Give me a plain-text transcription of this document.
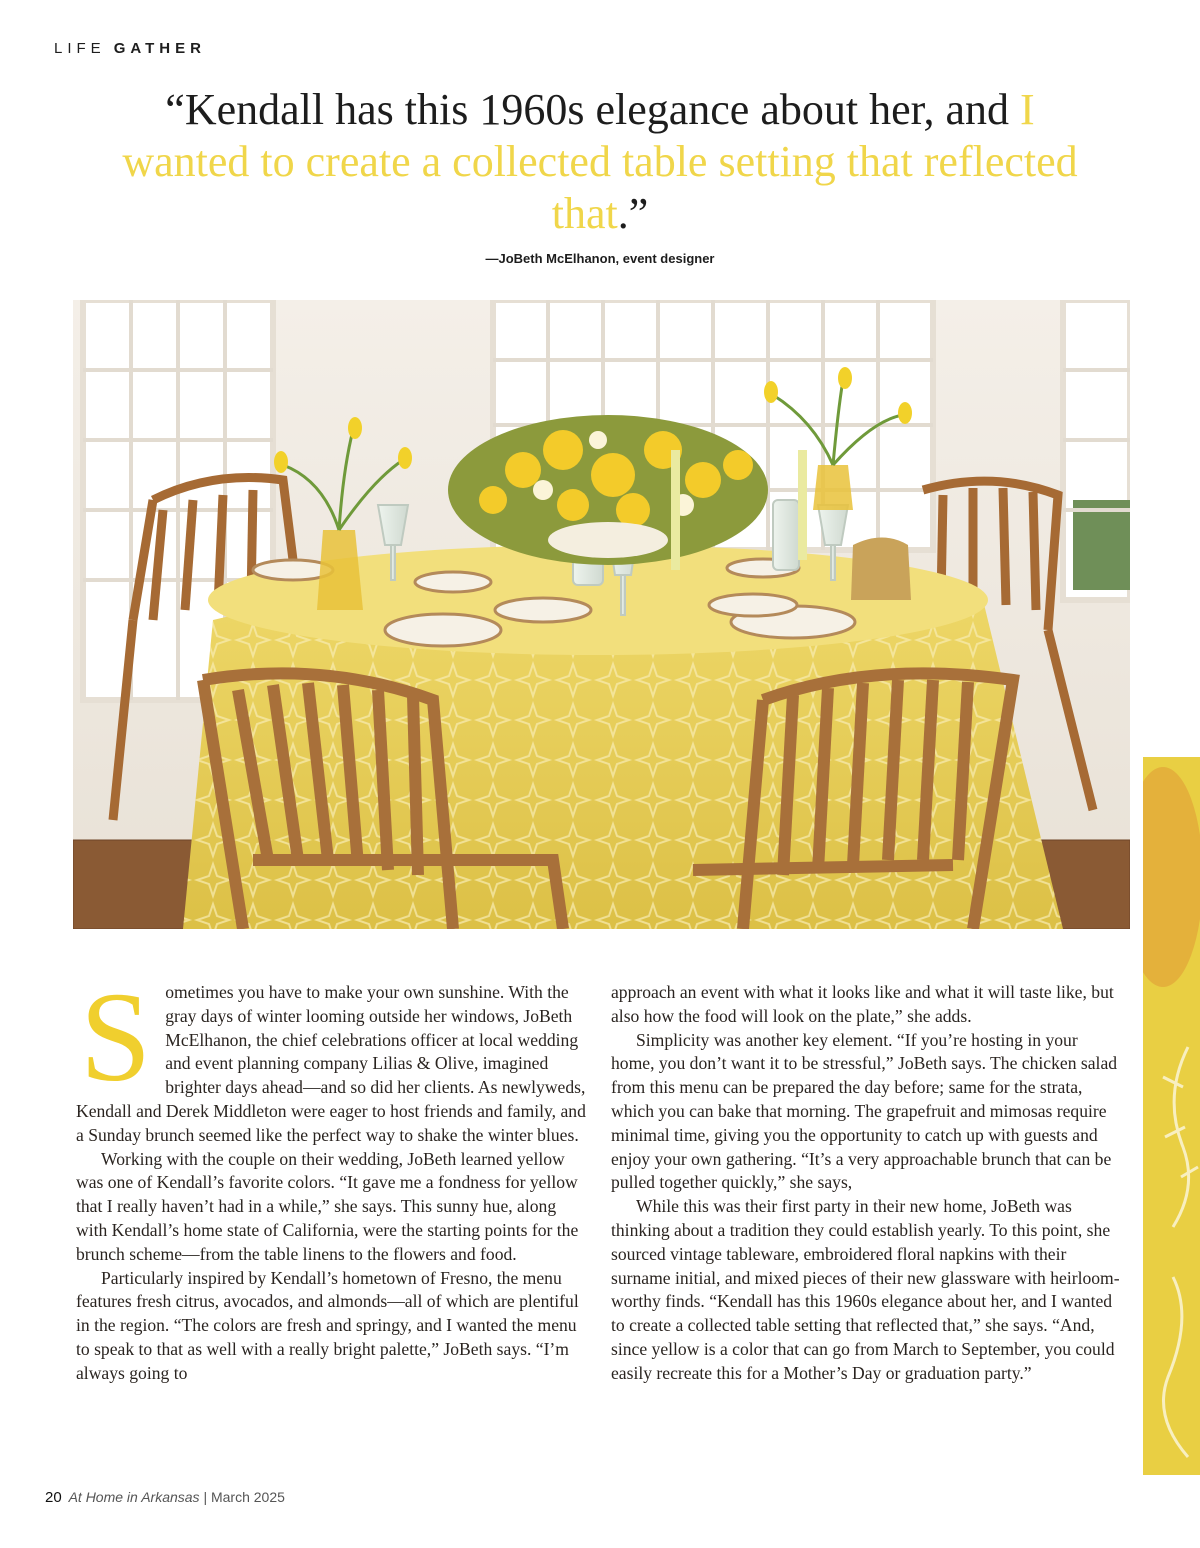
LIFE GATHER
“Kendall has this 1960s elegance about her, and I wanted to create a collected table setting that reflected that.”
—JoBeth McElhanon, event designer

Sometimes you have to make your own sunshine. With the gray days of winter looming outside her windows, JoBeth McElhanon, the chief celebrations officer at local wedding and event planning company Lilias & Olive, imagined brighter days ahead—and so did her clients. As newlyweds, Kendall and Derek Middleton were eager to host friends and family, and a Sunday brunch seemed like the perfect way to shake the winter blues.

Working with the couple on their wedding, JoBeth learned yellow was one of Kendall’s favorite colors. “It gave me a fondness for yellow that I really haven’t had in a while,” she says. This sunny hue, along with Kendall’s home state of California, were the starting points for the brunch scheme—from the table linens to the flowers and food.

Particularly inspired by Kendall’s hometown of Fresno, the menu features fresh citrus, avocados, and almonds—all of which are plentiful in the region. “The colors are fresh and springy, and I wanted the menu to speak to that as well with a really bright palette,” JoBeth says. “I’m always going to

approach an event with what it looks like and what it will taste like, but also how the food will look on the plate,” she adds.

Simplicity was another key element. “If you’re hosting in your home, you don’t want it to be stressful,” JoBeth says. The chicken salad from this menu can be prepared the day before; same for the strata, which you can bake that morning. The grapefruit and mimosas require minimal time, giving you the opportunity to catch up with guests and enjoy your own gathering. “It’s a very approachable brunch that can be pulled together quickly,” she says,

While this was their first party in their new home, JoBeth was thinking about a tradition they could establish yearly. To this point, she sourced vintage tableware, embroidered floral napkins with their surname initial, and mixed pieces of their new glassware with heirloom-worthy finds. “Kendall has this 1960s elegance about her, and I wanted to create a collected table setting that reflected that,” she says. “And, since yellow is a color that can go from March to September, you could easily recreate this for a Mother’s Day or graduation party.”

20 At Home in Arkansas | March 2025
